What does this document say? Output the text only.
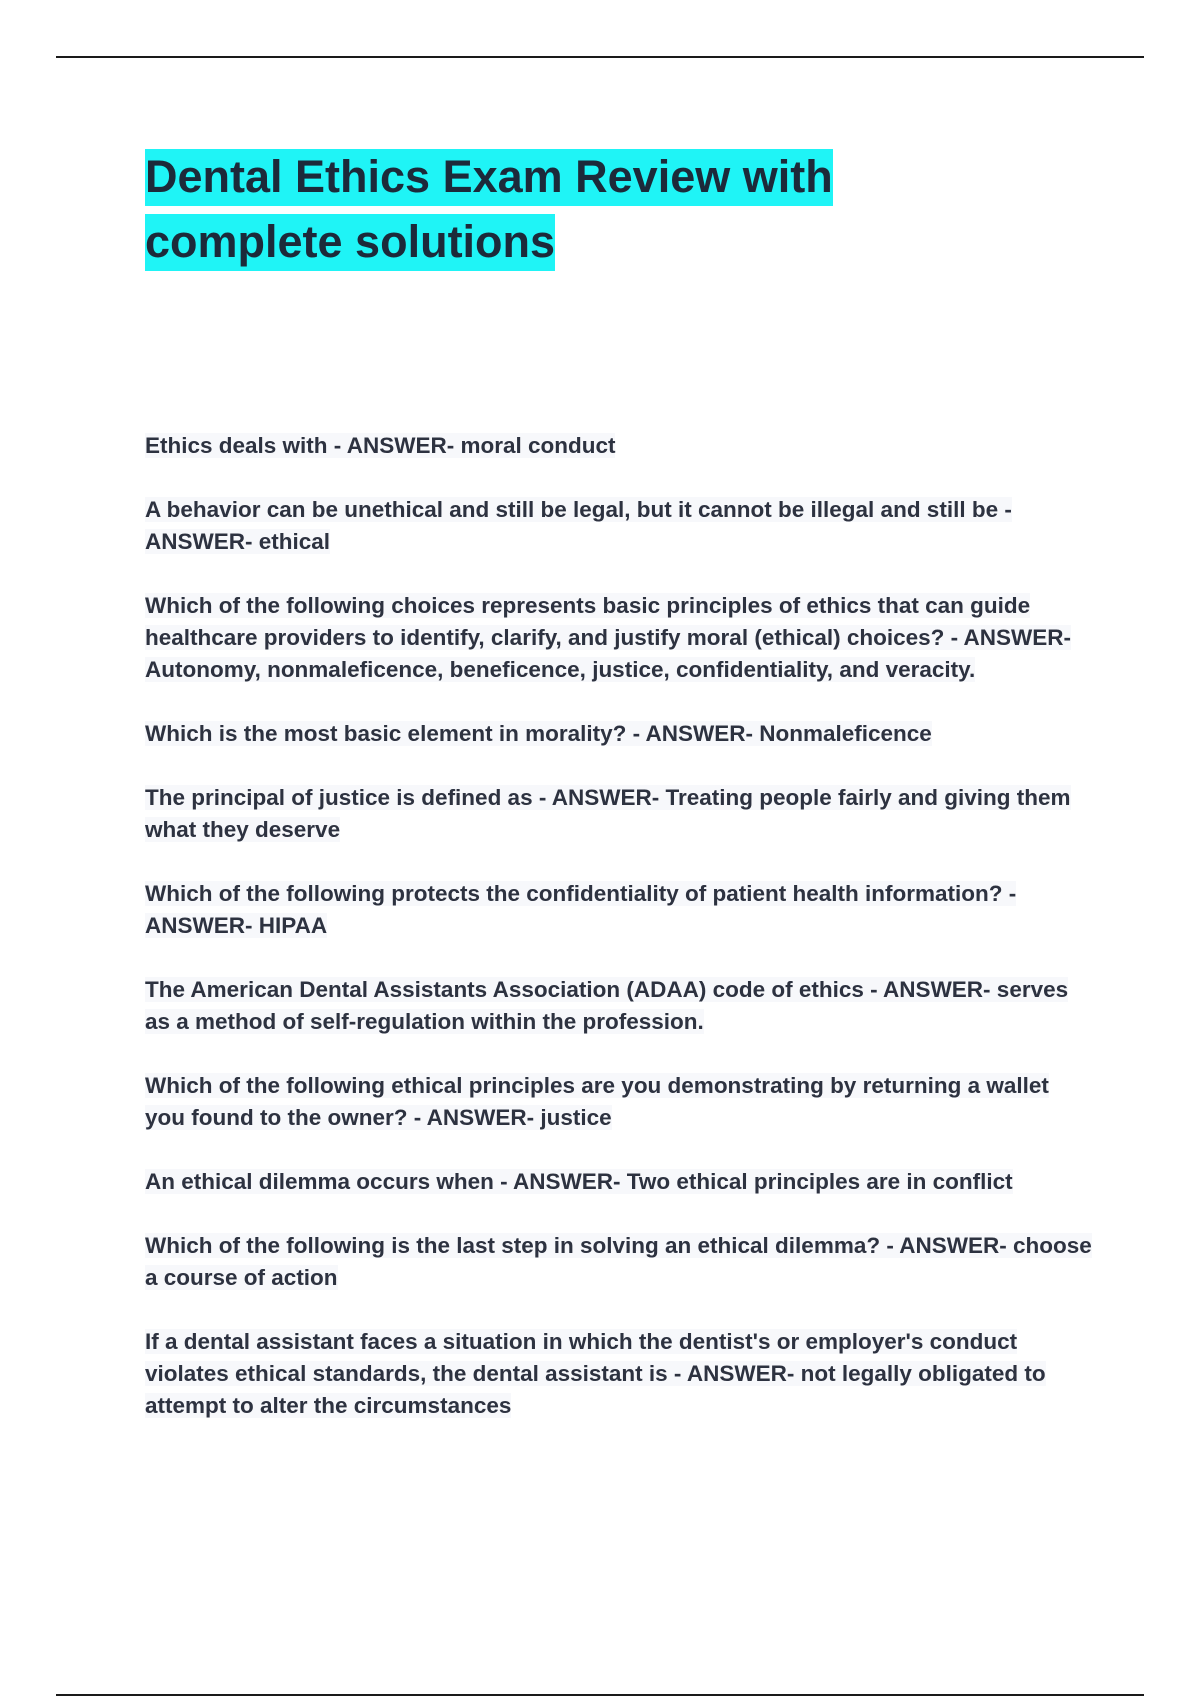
Dental Ethics Exam Review with
complete solutions
Ethics deals with - ANSWER- moral conduct
A behavior can be unethical and still be legal, but it cannot be illegal and still be - ANSWER- ethical
Which of the following choices represents basic principles of ethics that can guide healthcare providers to identify, clarify, and justify moral (ethical) choices? - ANSWER- Autonomy, nonmaleficence, beneficence, justice, confidentiality, and veracity.
Which is the most basic element in morality? - ANSWER- Nonmaleficence
The principal of justice is defined as - ANSWER- Treating people fairly and giving them what they deserve
Which of the following protects the confidentiality of patient health information? - ANSWER- HIPAA
The American Dental Assistants Association (ADAA) code of ethics - ANSWER- serves as a method of self-regulation within the profession.
Which of the following ethical principles are you demonstrating by returning a wallet you found to the owner? - ANSWER- justice
An ethical dilemma occurs when - ANSWER- Two ethical principles are in conflict
Which of the following is the last step in solving an ethical dilemma? - ANSWER- choose a course of action
If a dental assistant faces a situation in which the dentist's or employer's conduct violates ethical standards, the dental assistant is - ANSWER- not legally obligated to attempt to alter the circumstances
